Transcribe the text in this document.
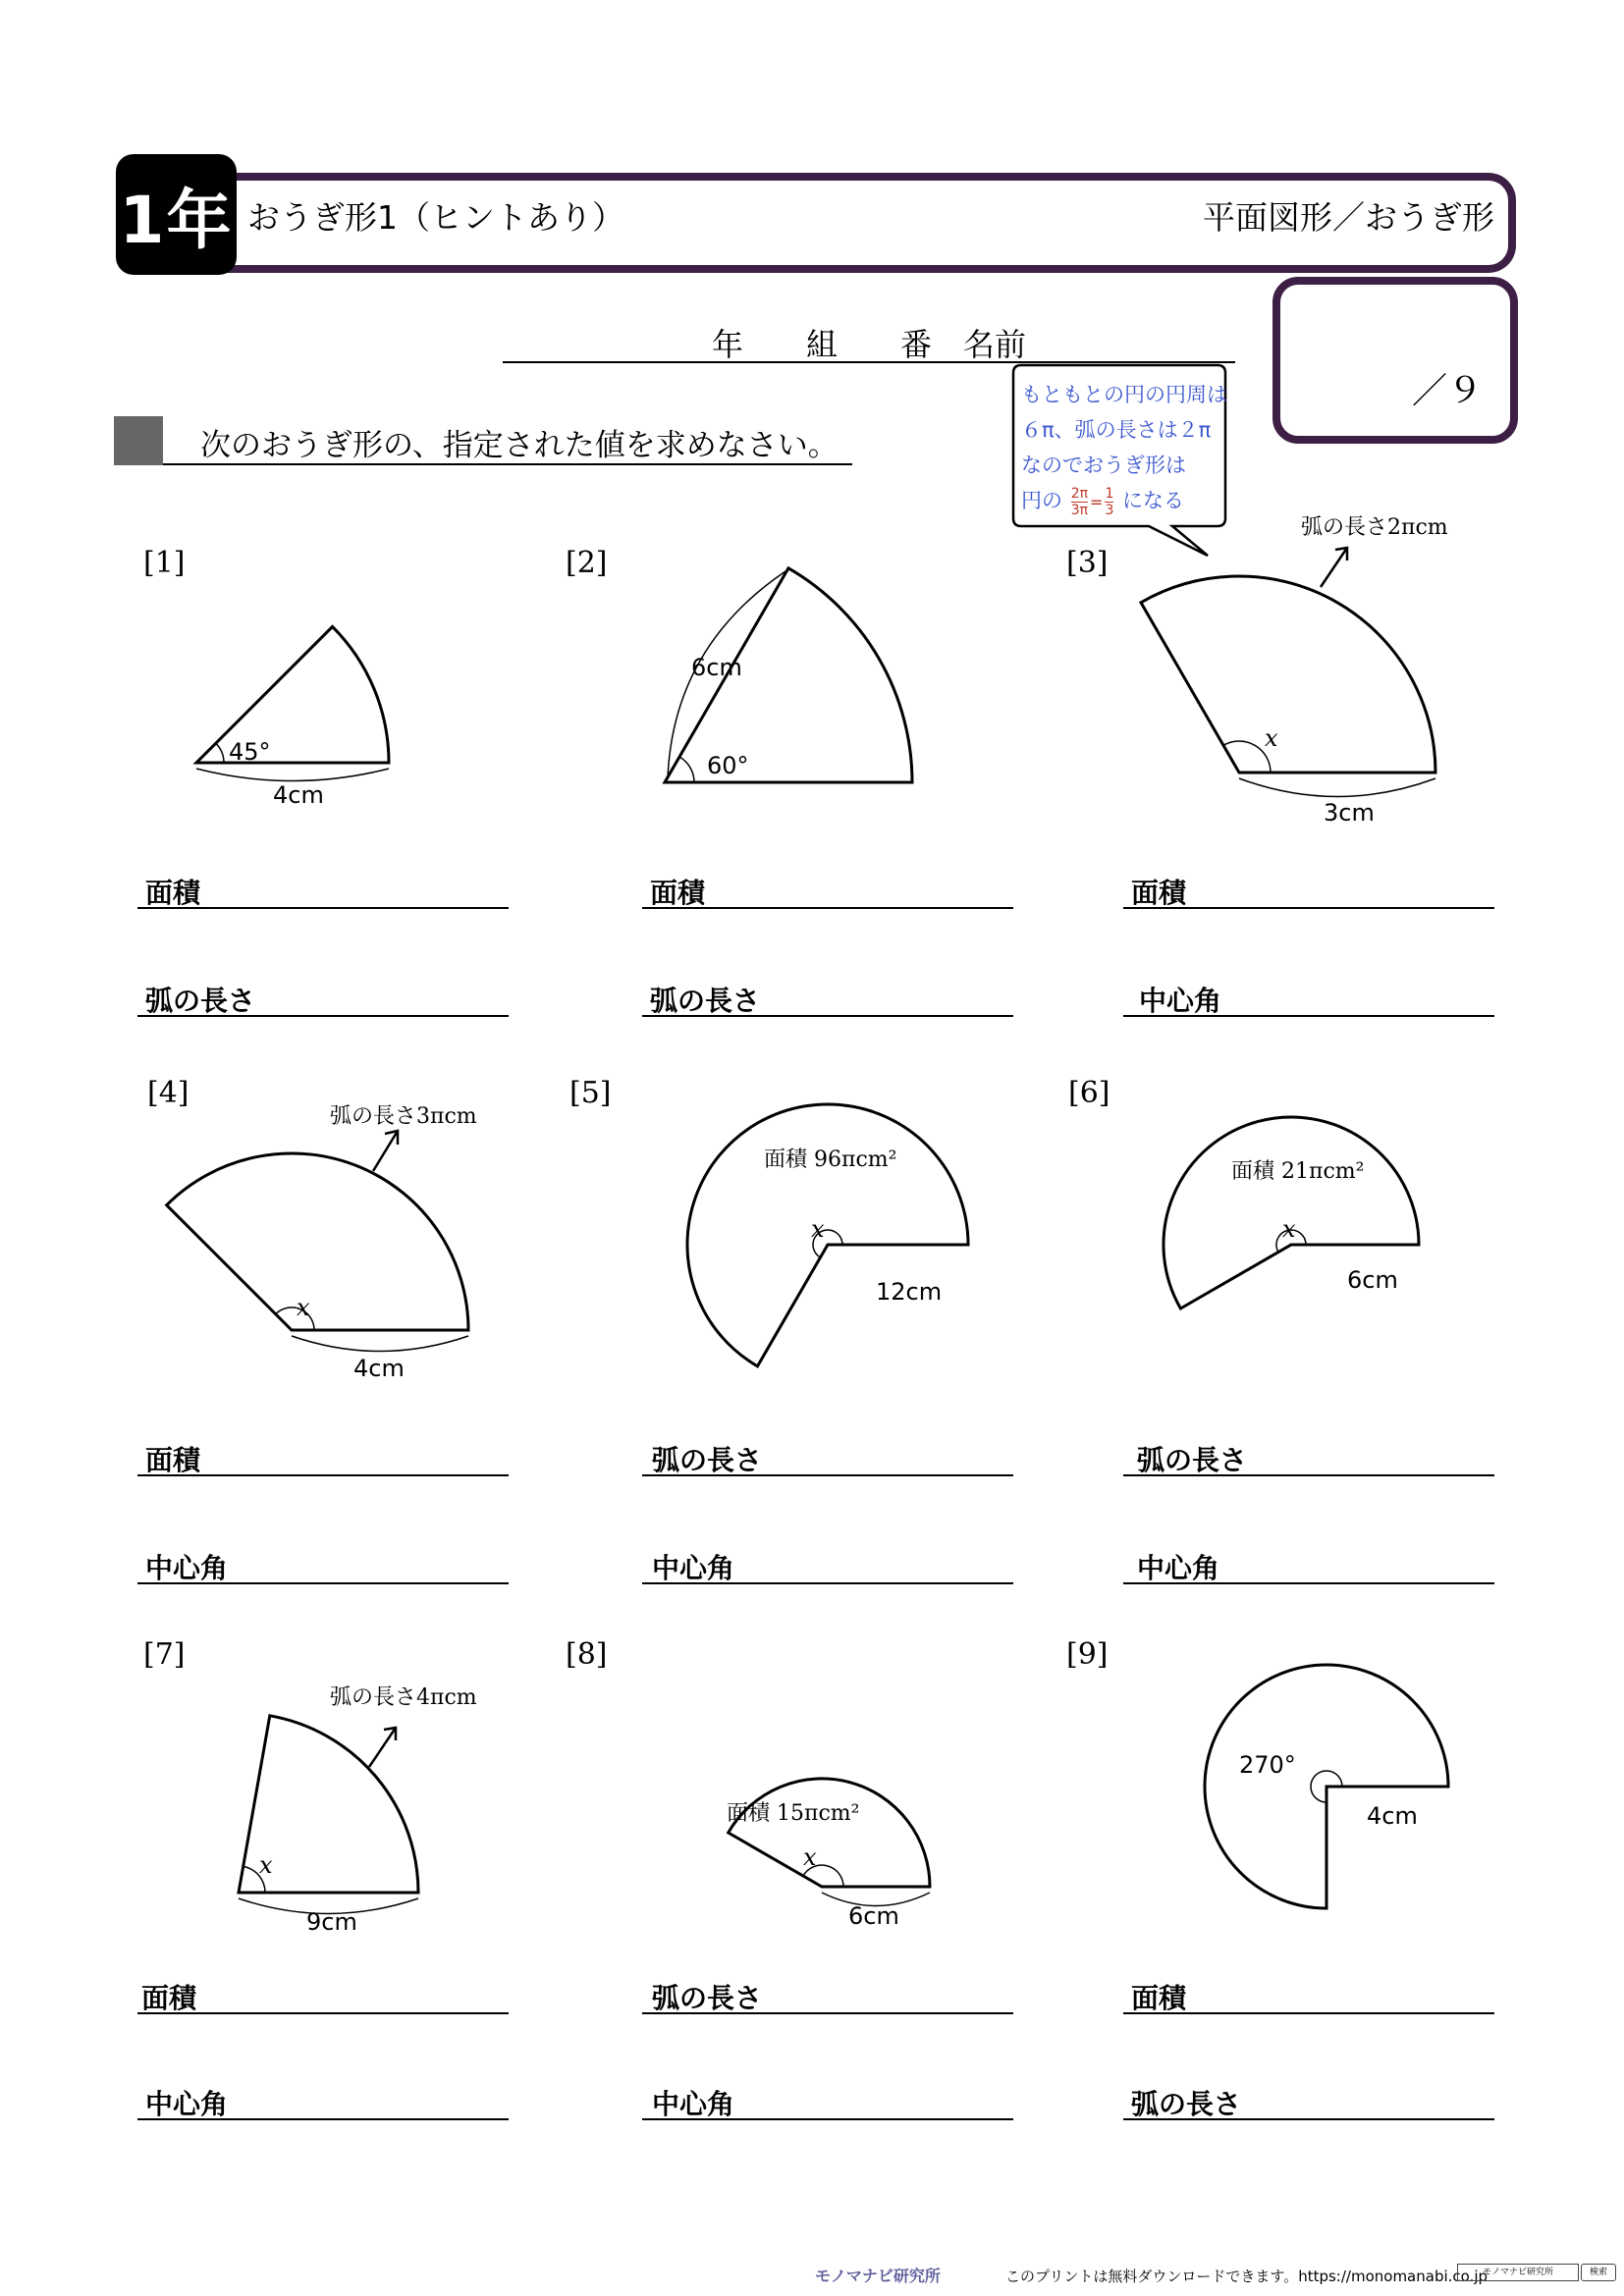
1年 おうぎ形1（ヒントあり）	平面図形／おうぎ形
／９
年　　組　　番　名前
次のおうぎ形の、指定された値を求めなさい。
もともとの円の円周は
６π、弧の長さは２π
なのでおうぎ形は
円の $\frac{2\pi}{3\pi} = \frac{1}{3}$ になる
[1]	[2]	[3]
[4]	[5]	[6]
[7]	[8]	[9]
45°
4cm
60°
6cm
x
3cm
弧の長さ2πcm
x
4cm
弧の長さ3πcm
x
12cm
面積 96πcm²
x
6cm
面積 21πcm²
x
9cm
弧の長さ4πcm
x
6cm
面積 15πcm²
270°
4cm
面積
弧の長さ
面積
弧の長さ
面積
中心角
面積
中心角
弧の長さ
中心角
弧の長さ
中心角
面積
中心角
弧の長さ
中心角
面積
弧の長さ
モノマナビ研究所	このプリントは無料ダウンロードできます。https://monomanabi.co.jp
モノマナビ研究所	検索
